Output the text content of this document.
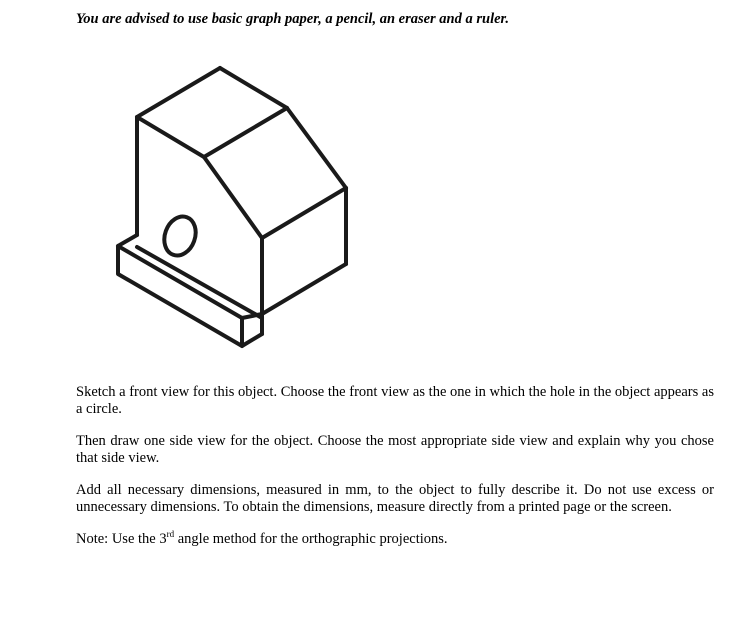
You are advised to use basic graph paper, a pencil, an eraser and a ruler.

Sketch a front view for this object. Choose the front view as the one in which the hole in the object appears as a circle.

Then draw one side view for the object. Choose the most appropriate side view and explain why you chose that side view.

Add all necessary dimensions, measured in mm, to the object to fully describe it. Do not use excess or unnecessary dimensions. To obtain the dimensions, measure directly from a printed page or the screen.

Note: Use the 3rd angle method for the orthographic projections.
